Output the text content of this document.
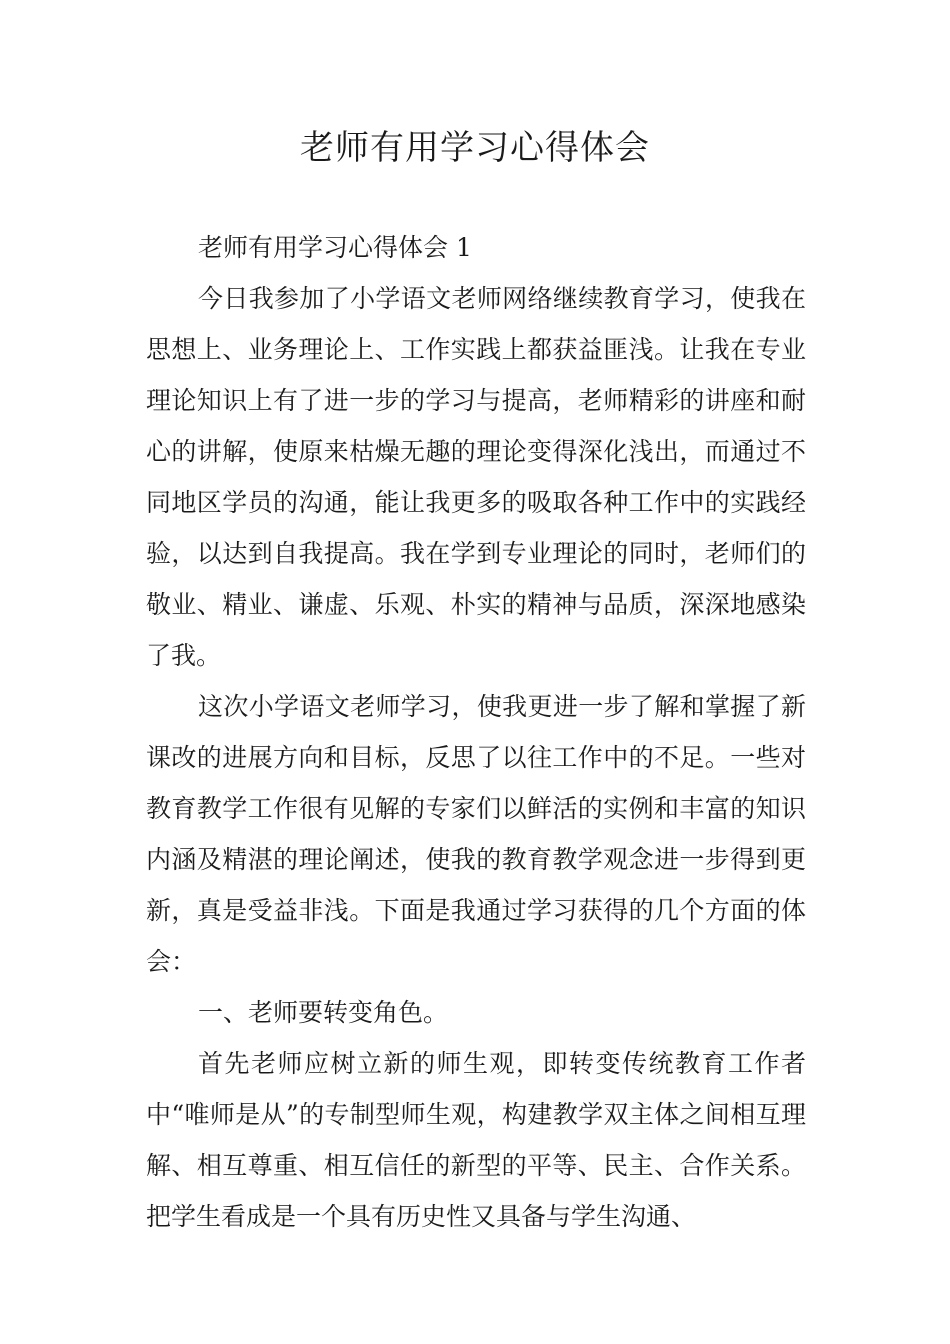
老师有用学习心得体会

老师有用学习心得体会 1

今日我参加了小学语文老师网络继续教育学习，使我在思想上、业务理论上、工作实践上都获益匪浅。让我在专业理论知识上有了进一步的学习与提高，老师精彩的讲座和耐心的讲解，使原来枯燥无趣的理论变得深化浅出，而通过不同地区学员的沟通，能让我更多的吸取各种工作中的实践经验，以达到自我提高。我在学到专业理论的同时，老师们的敬业、精业、谦虚、乐观、朴实的精神与品质，深深地感染了我。

这次小学语文老师学习，使我更进一步了解和掌握了新课改的进展方向和目标，反思了以往工作中的不足。一些对教育教学工作很有见解的专家们以鲜活的实例和丰富的知识内涵及精湛的理论阐述，使我的教育教学观念进一步得到更新，真是受益非浅。下面是我通过学习获得的几个方面的体会：

一、老师要转变角色。

首先老师应树立新的师生观，即转变传统教育工作者中“唯师是从”的专制型师生观，构建教学双主体之间相互理解、相互尊重、相互信任的新型的平等、民主、合作关系。把学生看成是一个具有历史性又具备与学生沟通、
